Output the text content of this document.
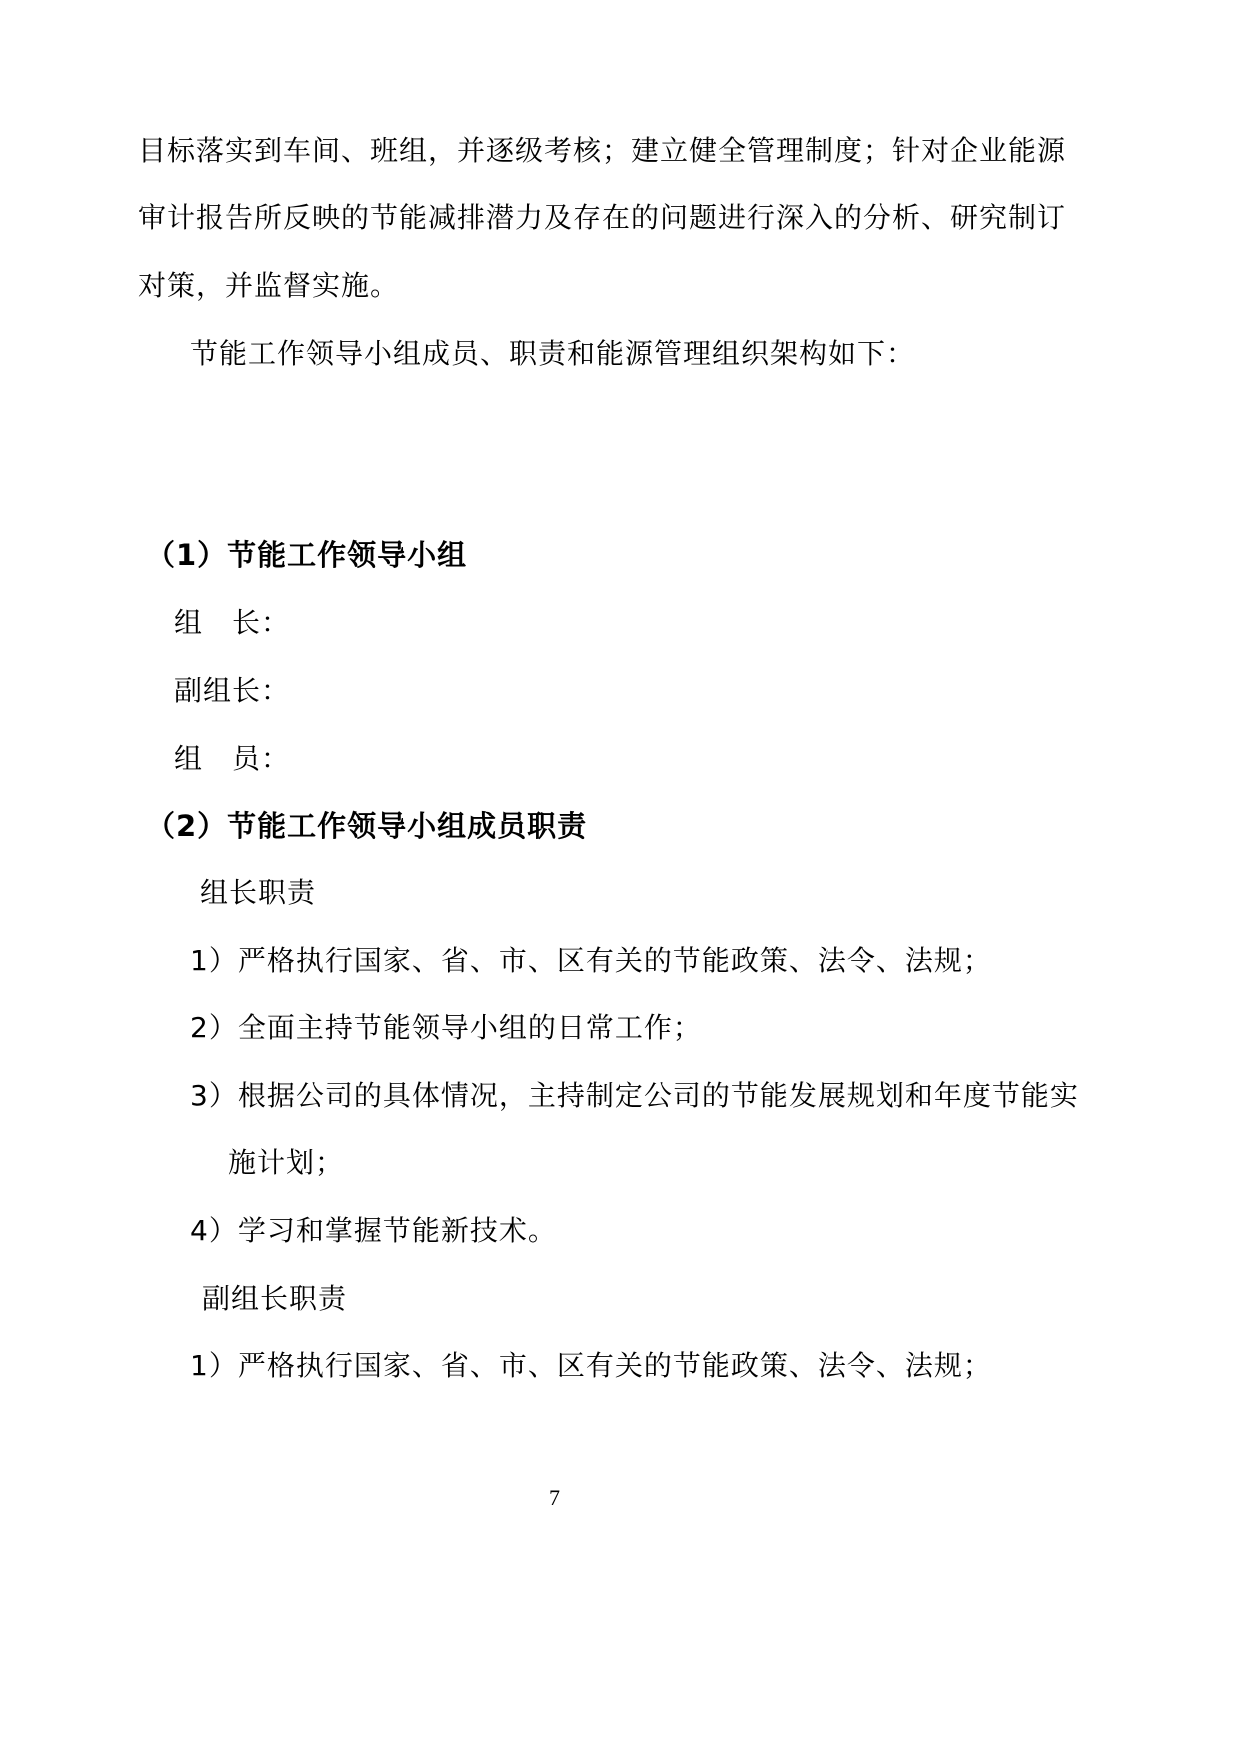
目标落实到车间、班组，并逐级考核；建立健全管理制度；针对企业能源
审计报告所反映的节能减排潜力及存在的问题进行深入的分析、研究制订
对策，并监督实施。
节能工作领导小组成员、职责和能源管理组织架构如下：
（1）节能工作领导小组
组　长：
副组长：
组　员：
（2）节能工作领导小组成员职责
组长职责
1）严格执行国家、省、市、区有关的节能政策、法令、法规；
2）全面主持节能领导小组的日常工作；
3）根据公司的具体情况，主持制定公司的节能发展规划和年度节能实
施计划；
4）学习和掌握节能新技术。
副组长职责
1）严格执行国家、省、市、区有关的节能政策、法令、法规；
7
